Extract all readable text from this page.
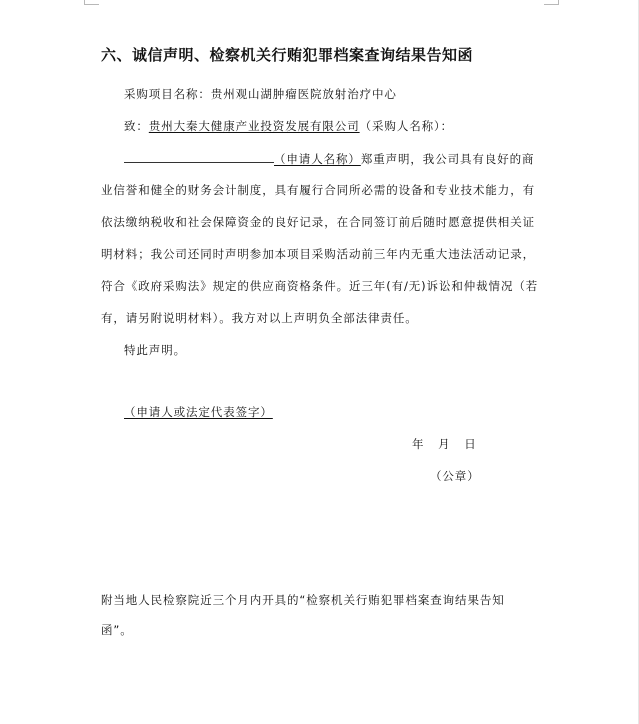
六、诚信声明、检察机关行贿犯罪档案查询结果告知函
采购项目名称：贵州观山湖肿瘤医院放射治疗中心
致：贵州大秦大健康产业投资发展有限公司（采购人名称）：
（申请人名称）郑重声明，我公司具有良好的商
业信誉和健全的财务会计制度，具有履行合同所必需的设备和专业技术能力，有
依法缴纳税收和社会保障资金的良好记录，在合同签订前后随时愿意提供相关证
明材料；我公司还同时声明参加本项目采购活动前三年内无重大违法活动记录，
符合《政府采购法》规定的供应商资格条件。近三年(有/无)诉讼和仲裁情况（若
有，请另附说明材料）。我方对以上声明负全部法律责任。
特此声明。
（申请人或法定代表签字）
年    月    日
（公章）
附当地人民检察院近三个月内开具的“检察机关行贿犯罪档案查询结果告知
函”。
